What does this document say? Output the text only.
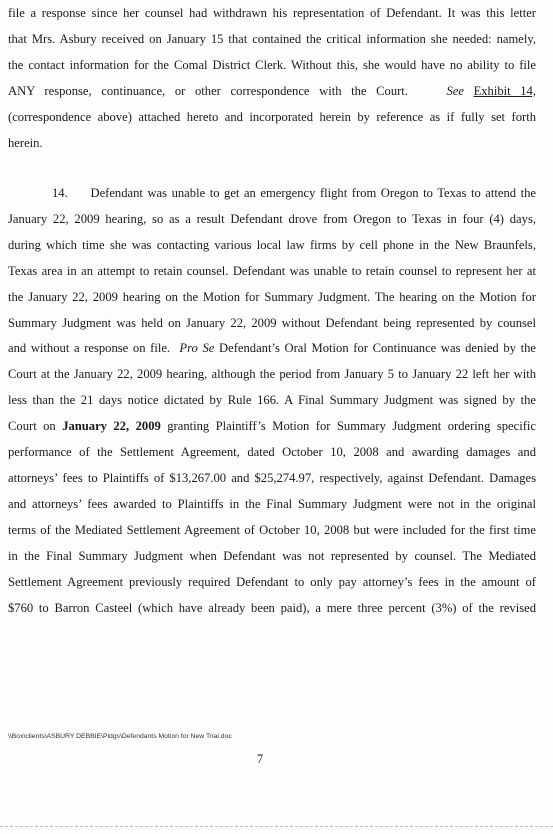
file a response since her counsel had withdrawn his representation of Defendant. It was this letter
that Mrs. Asbury received on January 15 that contained the critical information she needed: namely,
the contact information for the Comal District Clerk. Without this, she would have no ability to file
ANY response, continuance, or other correspondence with the Court.	See Exhibit 14,
(correspondence above) attached hereto and incorporated herein by reference as if fully set forth
herein.
14. Defendant was unable to get an emergency flight from Oregon to Texas to attend the
January 22, 2009 hearing, so as a result Defendant drove from Oregon to Texas in four (4) days,
during which time she was contacting various local law firms by cell phone in the New Braunfels,
Texas area in an attempt to retain counsel. Defendant was unable to retain counsel to represent her at
the January 22, 2009 hearing on the Motion for Summary Judgment. The hearing on the Motion for
Summary Judgment was held on January 22, 2009 without Defendant being represented by counsel
and without a response on file. Pro Se Defendant’s Oral Motion for Continuance was denied by the
Court at the January 22, 2009 hearing, although the period from January 5 to January 22 left her with
less than the 21 days notice dictated by Rule 166. A Final Summary Judgment was signed by the
Court on January 22, 2009 granting Plaintiff’s Motion for Summary Judgment ordering specific
performance of the Settlement Agreement, dated October 10, 2008 and awarding damages and
attorneys’ fees to Plaintiffs of $13,267.00 and $25,274.97, respectively, against Defendant. Damages
and attorneys’ fees awarded to Plaintiffs in the Final Summary Judgment were not in the original
terms of the Mediated Settlement Agreement of October 10, 2008 but were included for the first time
in the Final Summary Judgment when Defendant was not represented by counsel. The Mediated
Settlement Agreement previously required Defendant to only pay attorney’s fees in the amount of
$760 to Barron Casteel (which have already been paid), a mere three percent (3%) of the revised
\\Box\clients\ASBURY DEBBIE\Pldgs\Defendants Motion for New Trial.doc
7
